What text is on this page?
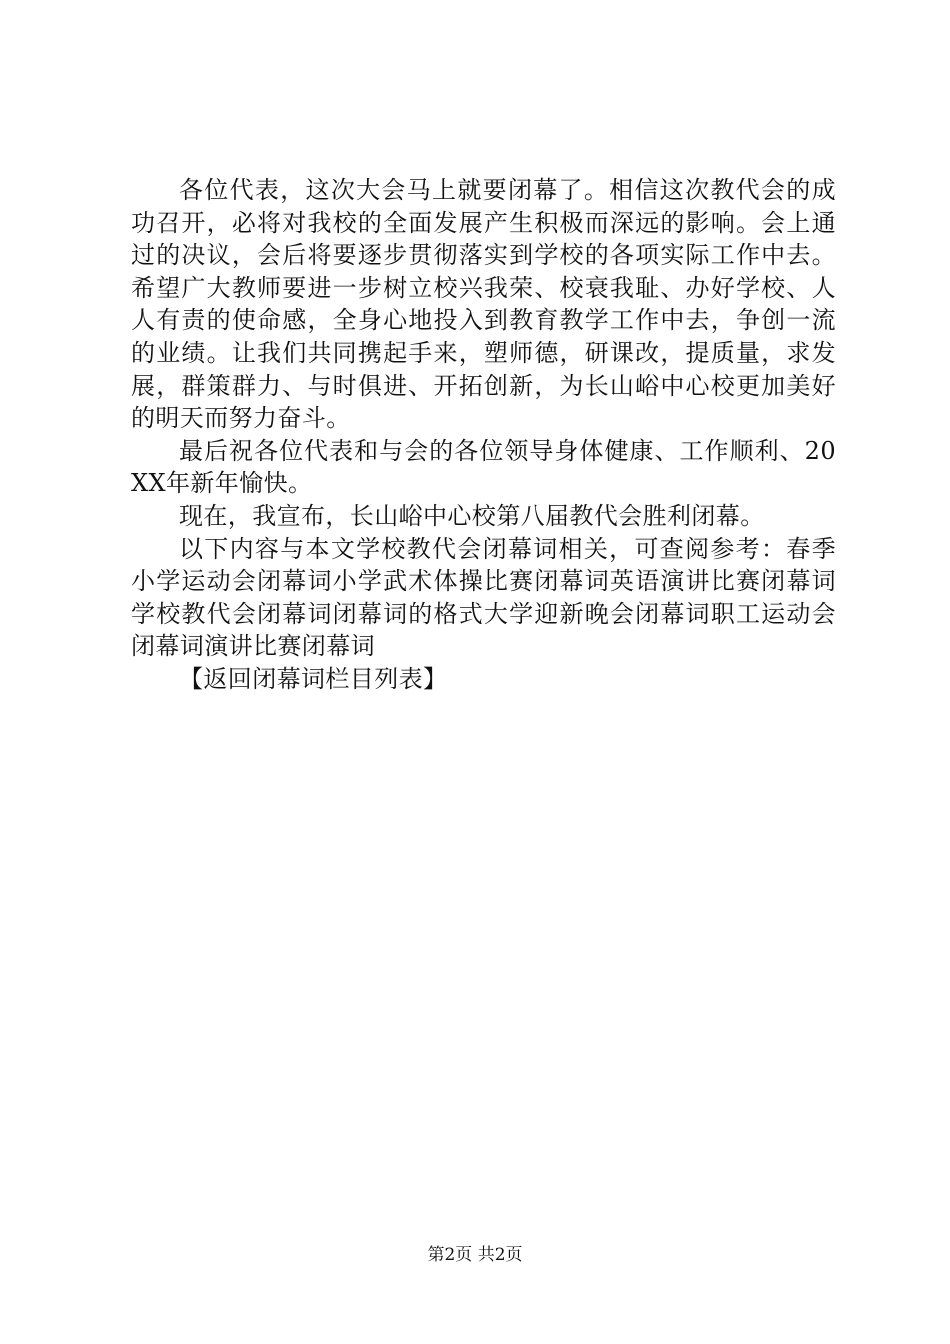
各位代表，这次大会马上就要闭幕了。相信这次教代会的成功召开，必将对我校的全面发展产生积极而深远的影响。会上通过的决议，会后将要逐步贯彻落实到学校的各项实际工作中去。希望广大教师要进一步树立校兴我荣、校衰我耻、办好学校、人人有责的使命感，全身心地投入到教育教学工作中去，争创一流的业绩。让我们共同携起手来，塑师德，研课改，提质量，求发展，群策群力、与时俱进、开拓创新，为长山峪中心校更加美好的明天而努力奋斗。

最后祝各位代表和与会的各位领导身体健康、工作顺利、20XX年新年愉快。

现在，我宣布，长山峪中心校第八届教代会胜利闭幕。

以下内容与本文学校教代会闭幕词相关，可查阅参考：春季小学运动会闭幕词小学武术体操比赛闭幕词英语演讲比赛闭幕词学校教代会闭幕词闭幕词的格式大学迎新晚会闭幕词职工运动会闭幕词演讲比赛闭幕词

【返回闭幕词栏目列表】

第2页 共2页
